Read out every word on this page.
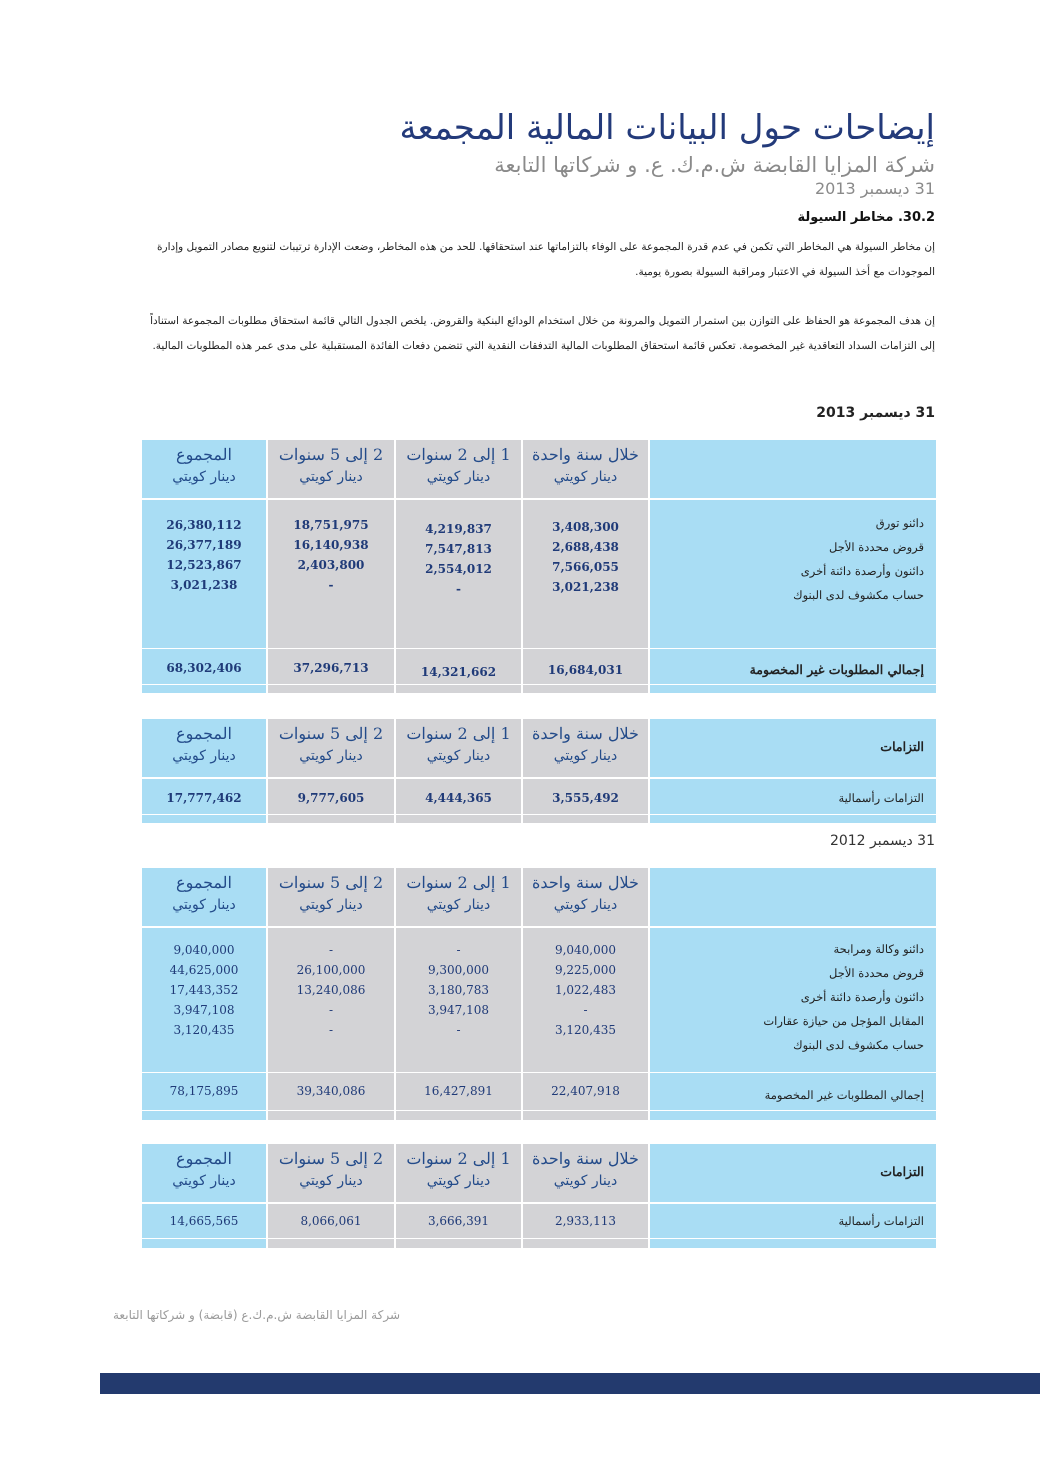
إيضاحات حول البيانات المالية المجمعة
شركة المزايا القابضة ش.م.ك. ع. و شركاتها التابعة
31 ديسمبر 2013
30.2. مخاطر السيولة
إن مخاطر السيولة هي المخاطر التي تكمن في عدم قدرة المجموعة على الوفاء بالتزاماتها عند استحقاقها. للحد من هذه المخاطر، وضعت الإدارة ترتيبات لتنويع مصادر التمويل وإدارة الموجودات مع أخذ السيولة في الاعتبار ومراقبة السيولة بصورة يومية.
إن هدف المجموعة هو الحفاظ على التوازن بين استمرار التمويل والمرونة من خلال استخدام الودائع البنكية والقروض. يلخص الجدول التالي قائمة استحقاق مطلوبات المجموعة استناداً إلى التزامات السداد التعاقدية غير المخصومة. تعكس قائمة استحقاق المطلوبات المالية التدفقات النقدية التي تتضمن دفعات الفائدة المستقبلية على مدى عمر هذه المطلوبات المالية.
31 ديسمبر 2013
المجموع
دينار كويتي
26,380,112
26,377,189
12,523,867
3,021,238
68,302,406
2 إلى 5 سنوات
دينار كويتي
18,751,975
16,140,938
2,403,800
-
37,296,713
1 إلى 2 سنوات
دينار كويتي
4,219,837
7,547,813
2,554,012
-
14,321,662
خلال سنة واحدة
دينار كويتي
3,408,300
2,688,438
7,566,055
3,021,238
16,684,031
دائنو تورق
قروض محددة الأجل
دائنون وأرصدة دائنة أخرى
حساب مكشوف لدى البنوك
إجمالي المطلوبات غير المخصومة
المجموع
دينار كويتي
17,777,462
2 إلى 5 سنوات
دينار كويتي
9,777,605
1 إلى 2 سنوات
دينار كويتي
4,444,365
خلال سنة واحدة
دينار كويتي
3,555,492
التزامات
التزامات رأسمالية
31 ديسمبر 2012
المجموع
دينار كويتي
9,040,000
44,625,000
17,443,352
3,947,108
3,120,435
78,175,895
2 إلى 5 سنوات
دينار كويتي
-
26,100,000
13,240,086
-
-
39,340,086
1 إلى 2 سنوات
دينار كويتي
-
9,300,000
3,180,783
3,947,108
-
16,427,891
خلال سنة واحدة
دينار كويتي
9,040,000
9,225,000
1,022,483
-
3,120,435
22,407,918
دائنو وكالة ومرابحة
قروض محددة الأجل
دائنون وأرصدة دائنة أخرى
المقابل المؤجل من حيازة عقارات
حساب مكشوف لدى البنوك
إجمالي المطلوبات غير المخصومة
المجموع
دينار كويتي
14,665,565
2 إلى 5 سنوات
دينار كويتي
8,066,061
1 إلى 2 سنوات
دينار كويتي
3,666,391
خلال سنة واحدة
دينار كويتي
2,933,113
التزامات
التزامات رأسمالية
شركة المزايا القابضة ش.م.ك.ع (قابضة) و شركاتها التابعة
